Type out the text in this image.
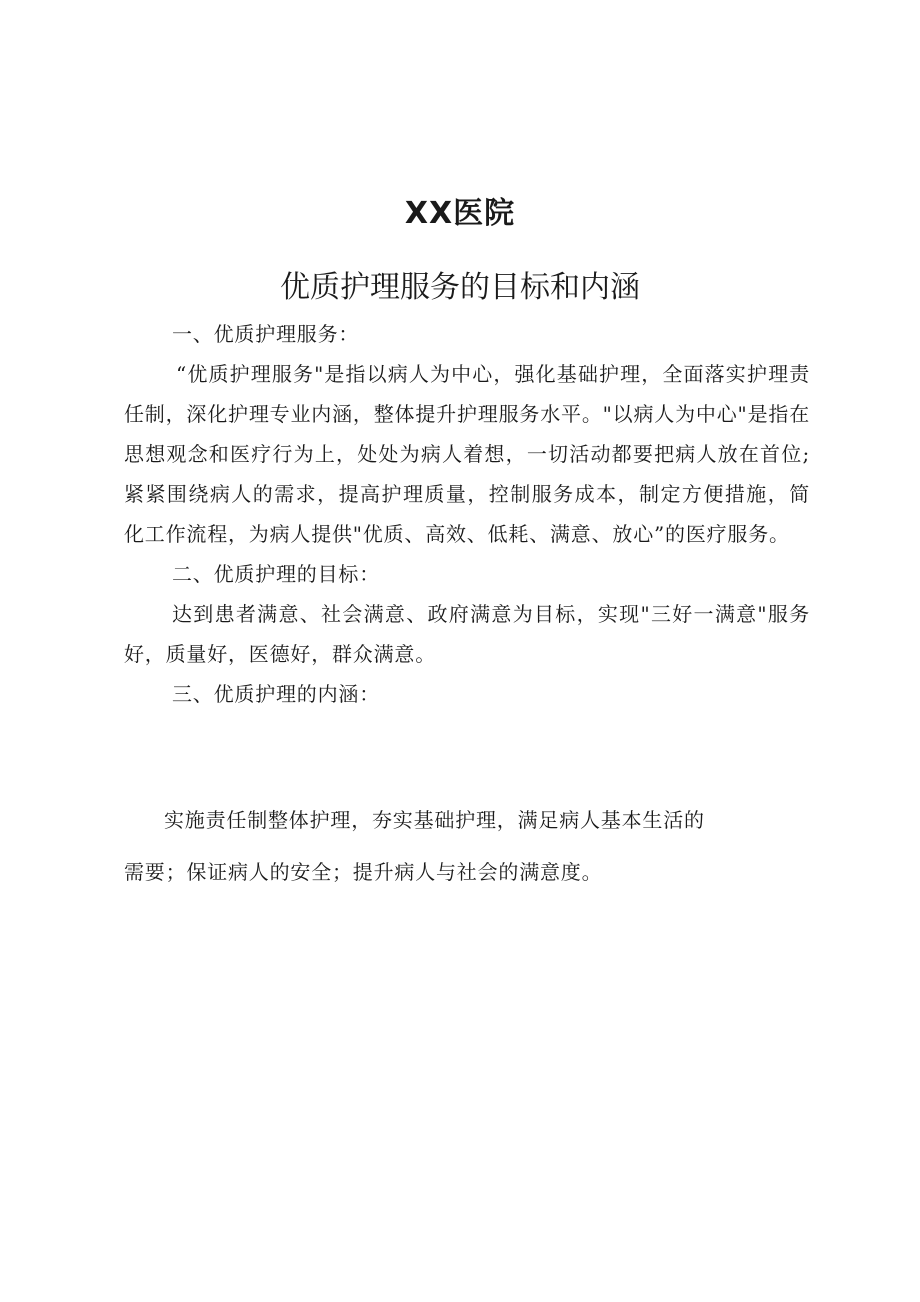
XX医院
优质护理服务的目标和内涵

一、优质护理服务：

“优质护理服务"是指以病人为中心，强化基础护理，全面落实护理责任制，深化护理专业内涵，整体提升护理服务水平。"以病人为中心"是指在思想观念和医疗行为上，处处为病人着想，一切活动都要把病人放在首位;紧紧围绕病人的需求，提高护理质量，控制服务成本，制定方便措施，简化工作流程，为病人提供"优质、高效、低耗、满意、放心”的医疗服务。

二、优质护理的目标：

达到患者满意、社会满意、政府满意为目标，实现"三好一满意"服务好，质量好，医德好，群众满意。

三、优质护理的内涵：

实施责任制整体护理，夯实基础护理，满足病人基本生活的

需要；保证病人的安全；提升病人与社会的满意度。
